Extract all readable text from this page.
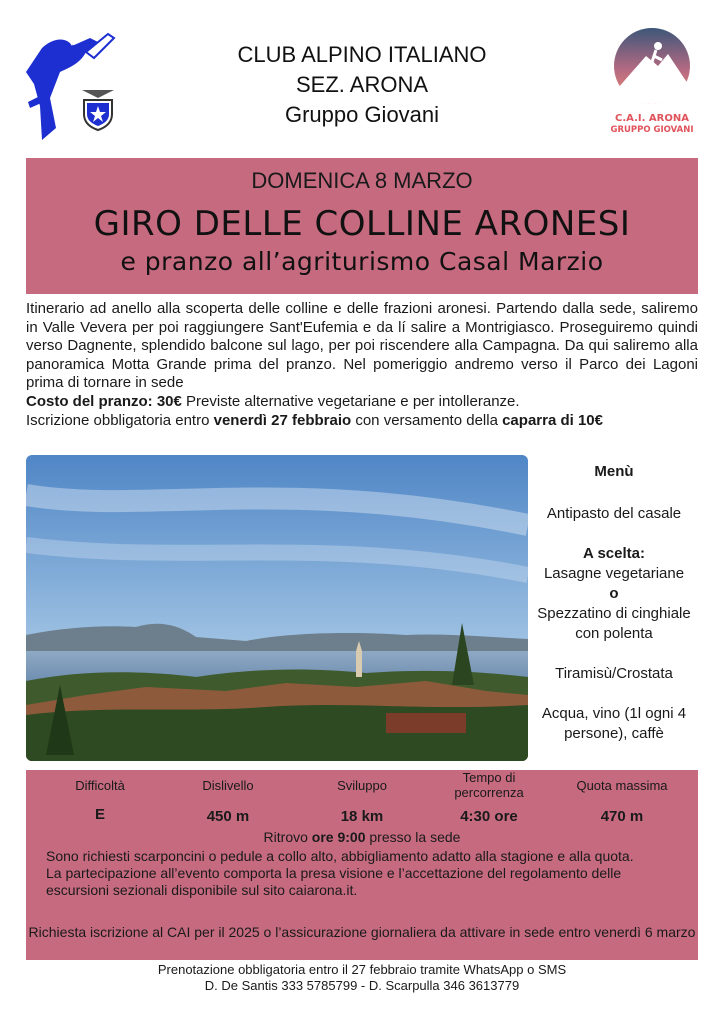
C.A.I. ARONA
GRUPPO GIOVANI
CLUB ALPINO ITALIANO
SEZ. ARONA
Gruppo Giovani
DOMENICA 8 MARZO
GIRO DELLE COLLINE ARONESI
e pranzo all’agriturismo Casal Marzio

Itinerario ad anello alla scoperta delle colline e delle frazioni aronesi. Partendo dalla sede, saliremo in Valle Vevera per poi raggiungere Sant'Eufemia e da lí salire a Montrigiasco. Proseguiremo quindi verso Dagnente, splendido balcone sul lago, per poi riscendere alla Campagna. Da qui saliremo alla panoramica Motta Grande prima del pranzo. Nel pomeriggio andremo verso il Parco dei Lagoni prima di tornare in sede

Costo del pranzo: 30€ Previste alternative vegetariane e per intolleranze.

Iscrizione obbligatoria entro venerdì 27 febbraio con versamento della caparra di 10€

Menù
Antipasto del casale
A scelta:
Lasagne vegetariane
o
Spezzatino di cinghiale con polenta
Tiramisù/Crostata
Acqua, vino (1l ogni 4 persone), caffè
Difficoltà
E
Dislivello
450 m
Sviluppo
18 km
Tempo di percorrenza
4:30 ore
Quota massima
470 m
Ritrovo ore 9:00 presso la sede

Sono richiesti scarponcini o pedule a collo alto, abbigliamento adatto alla stagione e alla quota.

La partecipazione all’evento comporta la presa visione e l’accettazione del regolamento delle escursioni sezionali disponibile sul sito caiarona.it.

Richiesta iscrizione al CAI per il 2025 o l’assicurazione giornaliera da attivare in sede entro venerdì 6 marzo
Prenotazione obbligatoria entro il 27 febbraio tramite WhatsApp o SMS
D. De Santis 333 5785799 - D. Scarpulla 346 3613779
